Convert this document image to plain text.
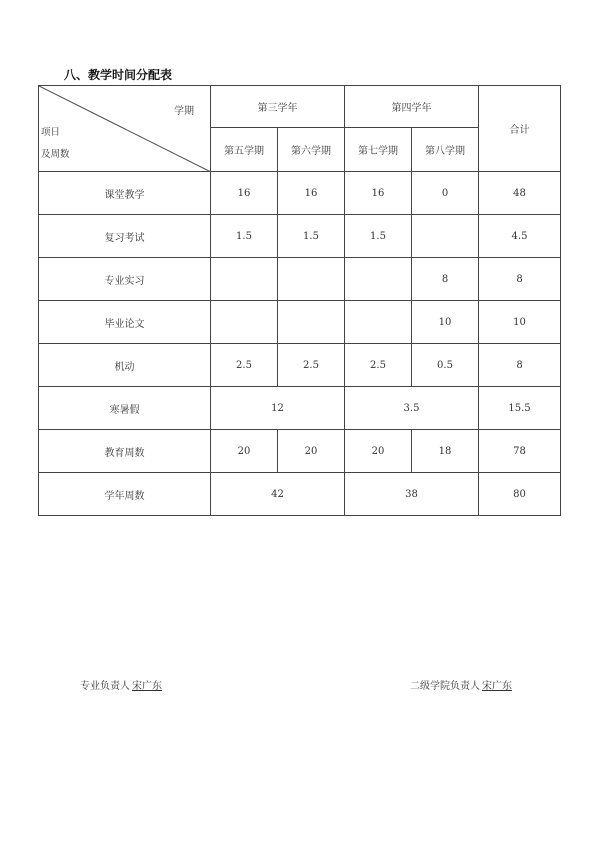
八、教学时间分配表
学期
项日
及周数	第三学年		第四学年		合计
	第五学期	第六学期	第七学期	第八学期	
课堂教学	16	16	16	0	48
复习考试	1.5	1.5	1.5		4.5
专业实习				8	8
毕业论文				10	10
机动	2.5	2.5	2.5	0.5	8
寒暑假	12		3.5		15.5
教育周数	20	20	20	18	78
学年周数	42		38		80
专业负责人 宋广东	二级学院负责人 宋广东
